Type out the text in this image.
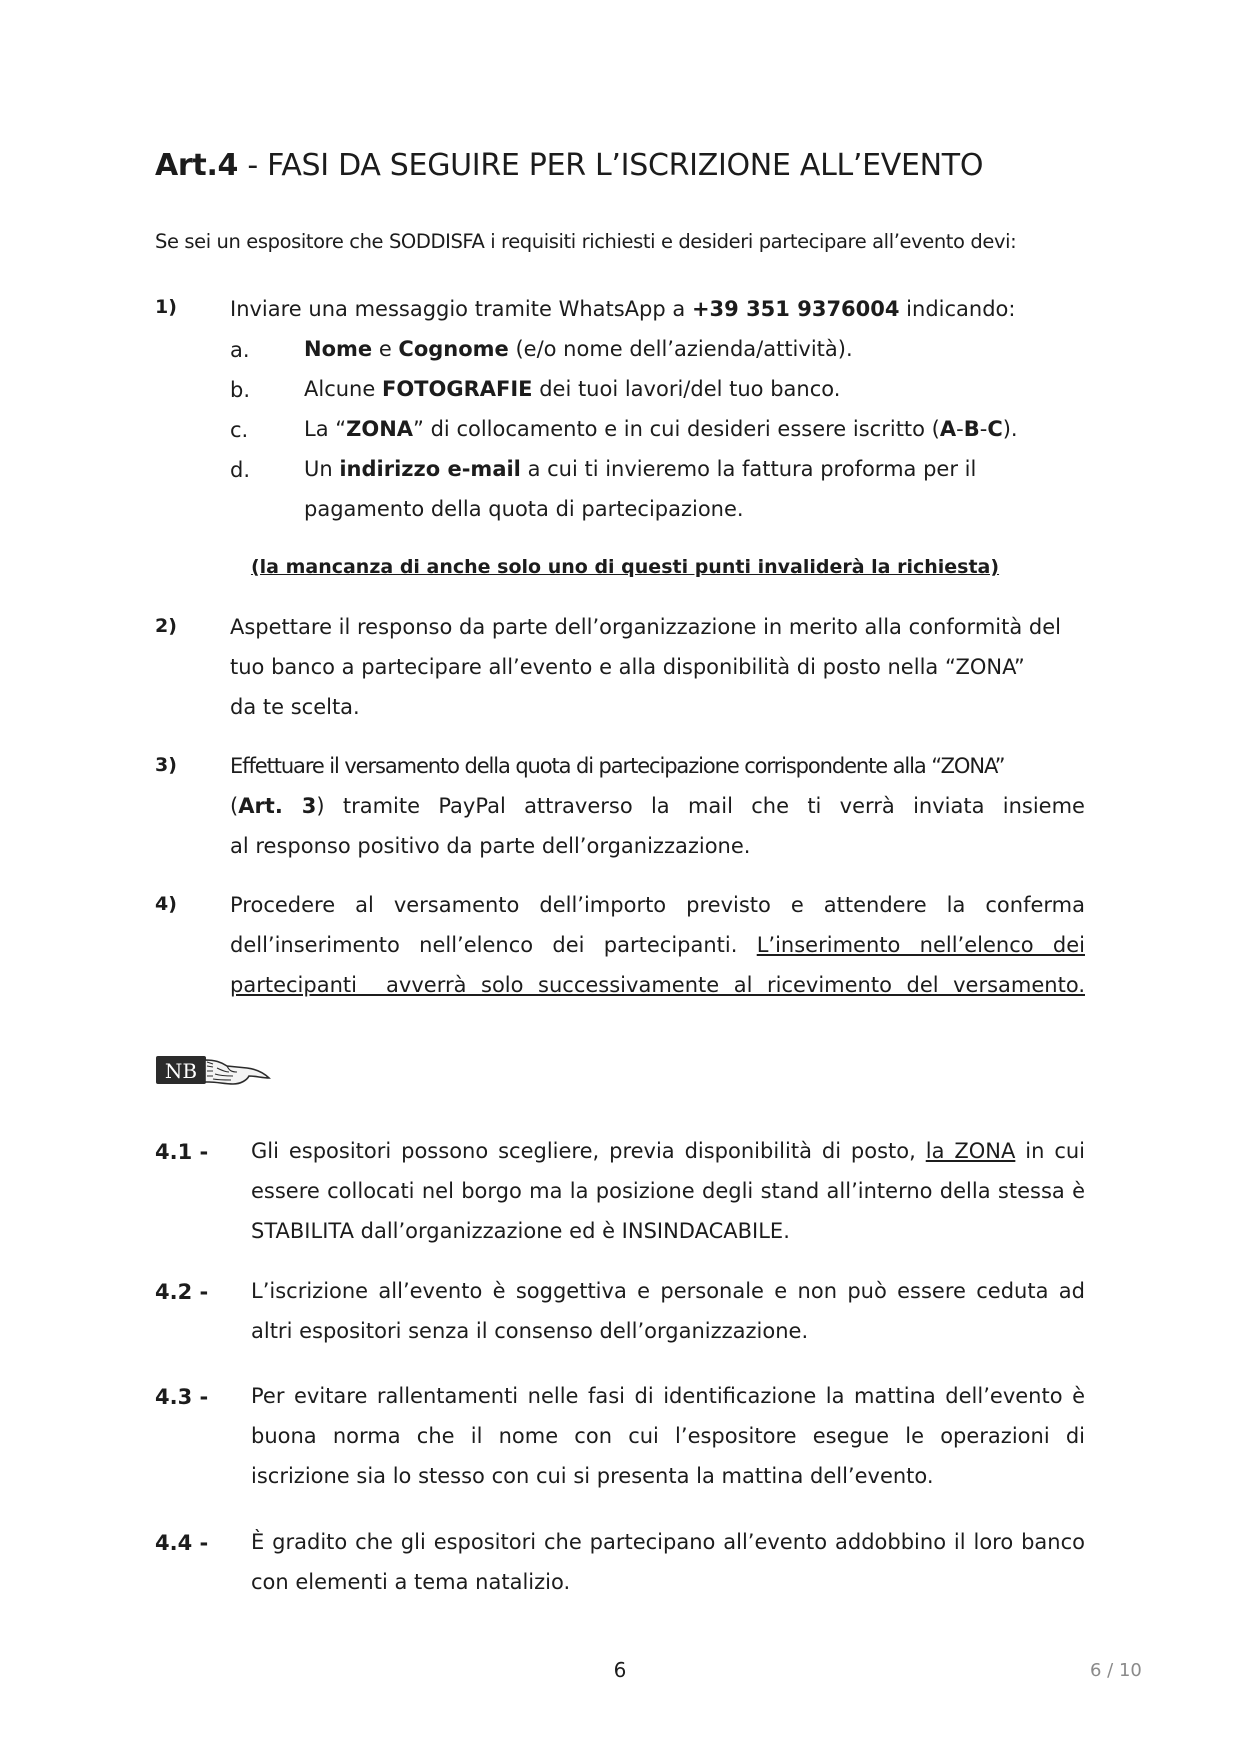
Art.4 - FASI DA SEGUIRE PER L’ISCRIZIONE ALL’EVENTO
Se sei un espositore che SODDISFA i requisiti richiesti e desideri partecipare all’evento devi:
1)	Inviare una messaggio tramite WhatsApp a +39 351 9376004 indicando:
a.	Nome e Cognome (e/o nome dell’azienda/attività).
b.	Alcune FOTOGRAFIE dei tuoi lavori/del tuo banco.
c.	La “ZONA” di collocamento e in cui desideri essere iscritto (A-B-C).
d.	Un indirizzo e-mail a cui ti invieremo la fattura proforma per il
pagamento della quota di partecipazione.
(la mancanza di anche solo uno di questi punti invaliderà la richiesta)
2)	Aspettare il responso da parte dell’organizzazione in merito alla conformità del
tuo banco a partecipare all’evento e alla disponibilità di posto nella “ZONA”
da te scelta.
3)	Effettuare il versamento della quota di partecipazione corrispondente alla “ZONA”
(Art. 3) tramite PayPal attraverso la mail che ti verrà inviata insieme
al responso positivo da parte dell’organizzazione.
4)	Procedere al versamento dell’importo previsto e attendere la conferma
dell’inserimento nell’elenco dei partecipanti. L’inserimento nell’elenco dei
partecipanti  avverrà solo successivamente al ricevimento del versamento.
NB
4.1 - Gli espositori possono scegliere, previa disponibilità di posto, la ZONA in cui essere collocati nel borgo ma la posizione degli stand all’interno della stessa è STABILITA dall’organizzazione ed è INSINDACABILE.
4.2 - L’iscrizione all’evento è soggettiva e personale e non può essere ceduta ad altri espositori senza il consenso dell’organizzazione.
4.3 - Per evitare rallentamenti nelle fasi di identificazione la mattina dell’evento è buona norma che il nome con cui l’espositore esegue le operazioni di iscrizione sia lo stesso con cui si presenta la mattina dell’evento.
4.4 - È gradito che gli espositori che partecipano all’evento addobbino il loro banco con elementi a tema natalizio.
6	6 / 10
